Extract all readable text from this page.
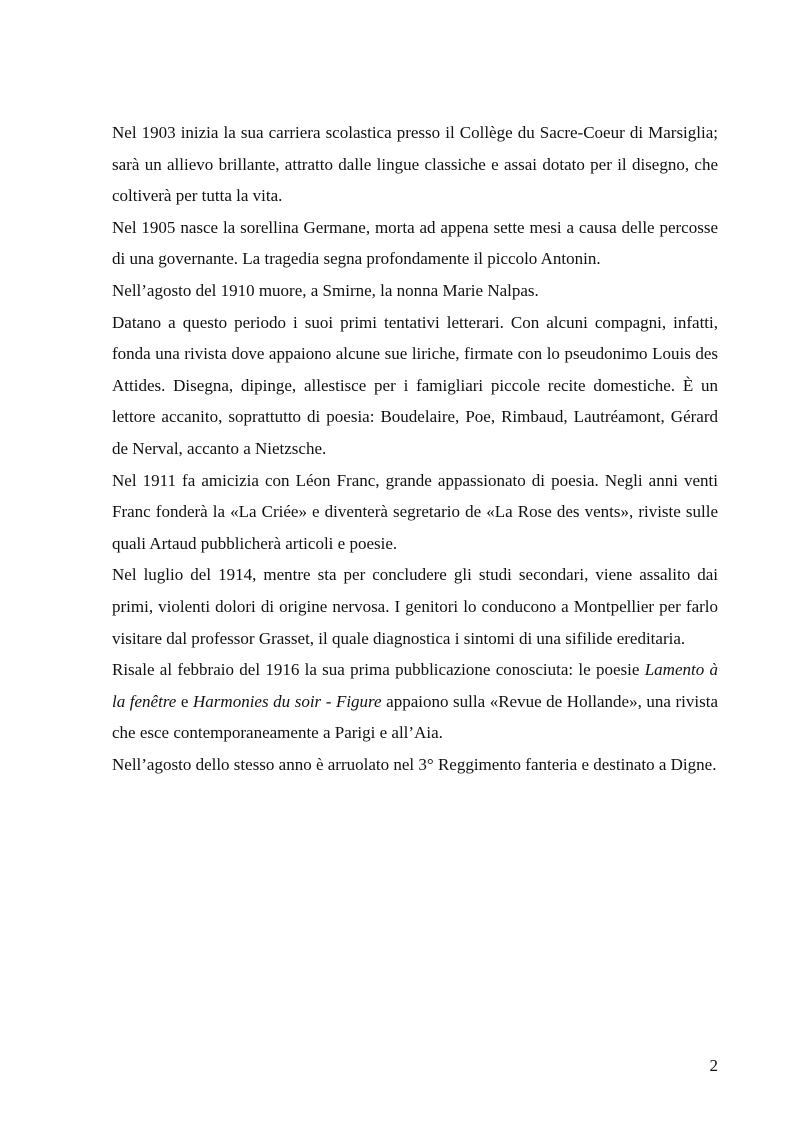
Nel 1903 inizia la sua carriera scolastica presso il Collège du Sacre-Coeur di Marsiglia; sarà un allievo brillante, attratto dalle lingue classiche e assai dotato per il disegno, che coltiverà per tutta la vita.

Nel 1905 nasce la sorellina Germane, morta ad appena sette mesi a causa delle percosse di una governante. La tragedia segna profondamente il piccolo Antonin.

Nell’agosto del 1910 muore, a Smirne, la nonna Marie Nalpas.

Datano a questo periodo i suoi primi tentativi letterari. Con alcuni compagni, infatti, fonda una rivista dove appaiono alcune sue liriche, firmate con lo pseudonimo Louis des Attides. Disegna, dipinge, allestisce per i famigliari piccole recite domestiche. È un lettore accanito, soprattutto di poesia: Boudelaire, Poe, Rimbaud, Lautréamont, Gérard de Nerval, accanto a Nietzsche.

Nel 1911 fa amicizia con Léon Franc, grande appassionato di poesia. Negli anni venti Franc fonderà la «La Criée» e diventerà segretario de «La Rose des vents», riviste sulle quali Artaud pubblicherà articoli e poesie.

Nel luglio del 1914, mentre sta per concludere gli studi secondari, viene assalito dai primi, violenti dolori di origine nervosa. I genitori lo conducono a Montpellier per farlo visitare dal professor Grasset, il quale diagnostica i sintomi di una sifilide ereditaria.

Risale al febbraio del 1916 la sua prima pubblicazione conosciuta: le poesie Lamento à la fenêtre e Harmonies du soir - Figure appaiono sulla «Revue de Hollande», una rivista che esce contemporaneamente a Parigi e all’Aia.

Nell’agosto dello stesso anno è arruolato nel 3° Reggimento fanteria e destinato a Digne.

2
